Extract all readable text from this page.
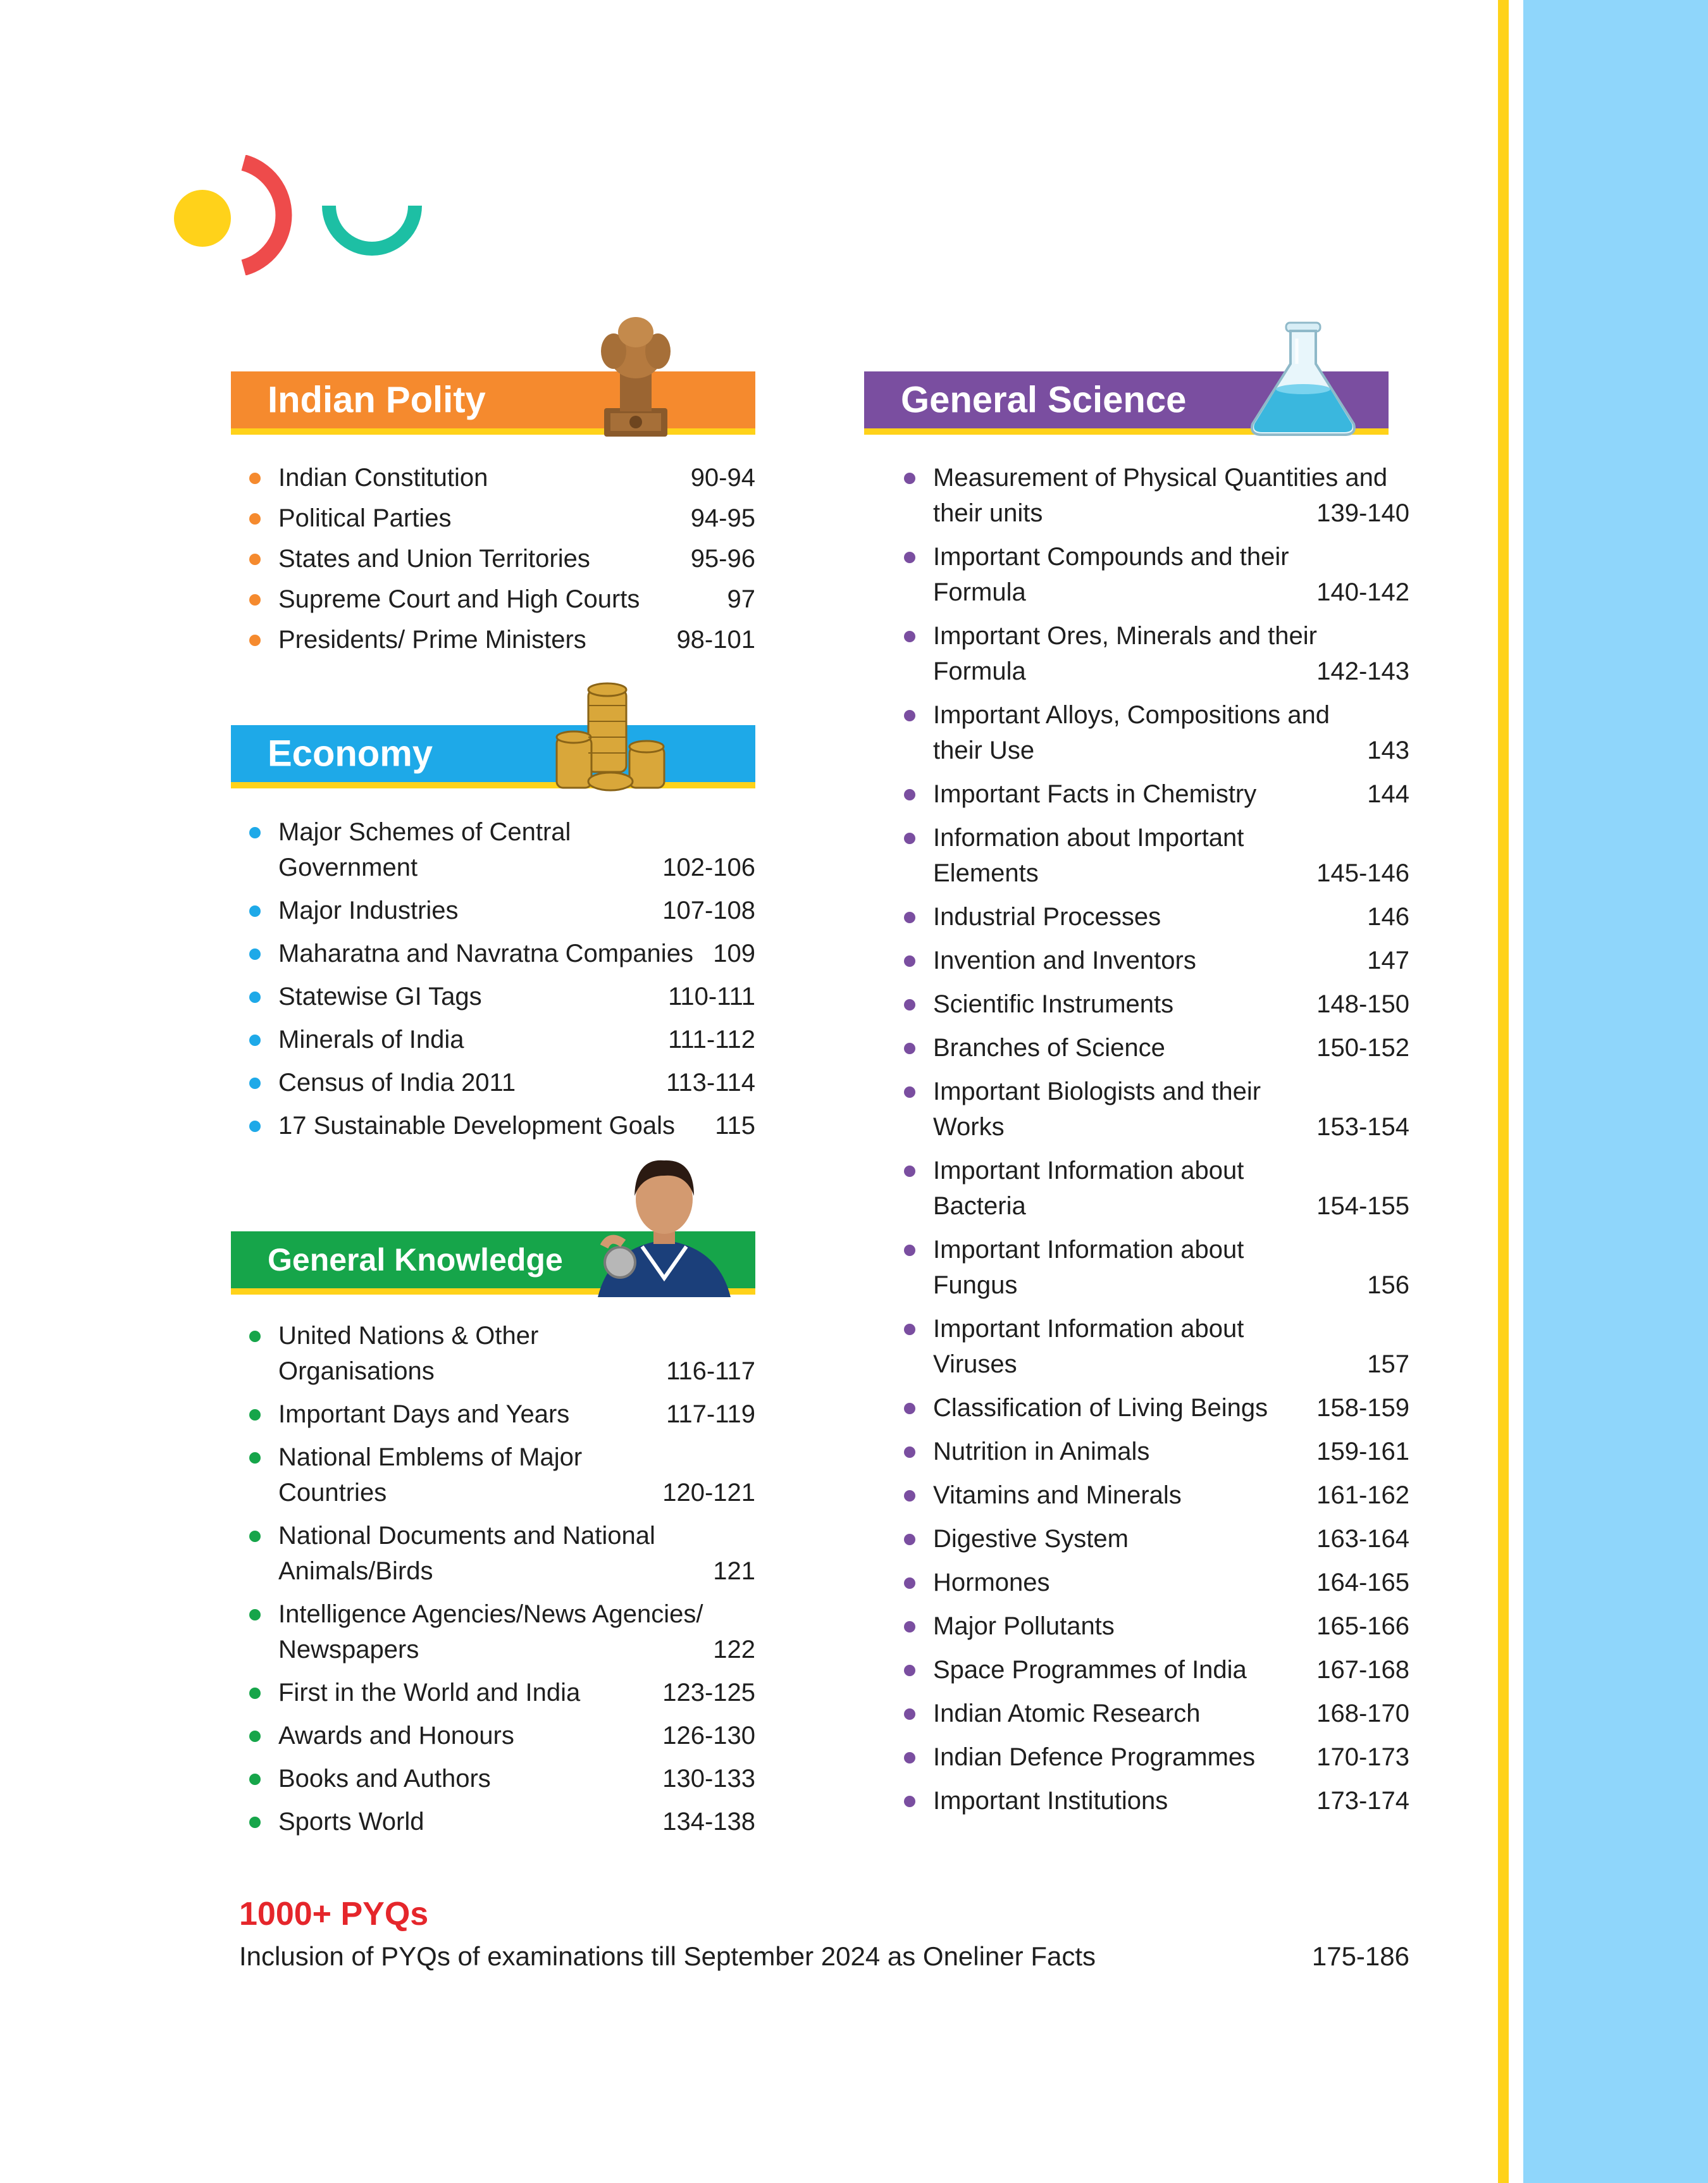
Indian Polity
Indian Constitution	90-94
Political Parties	94-95
States and Union Territories	95-96
Supreme Court and High Courts	97
Presidents/ Prime Ministers	98-101
Economy
Major Schemes of Central Government	102-106
Major Industries	107-108
Maharatna and Navratna Companies 109
Statewise GI Tags	110-111
Minerals of India	111-112
Census of India 2011	113-114
17 Sustainable Development Goals	115
General Knowledge
United Nations & Other Organisations	116-117
Important Days and Years	117-119
National Emblems of Major Countries	120-121
National Documents and National Animals/Birds	121
Intelligence Agencies/News Agencies/ Newspapers	122
First in the World and India	123-125
Awards and Honours	126-130
Books and Authors	130-133
Sports World	134-138
General Science
Measurement of Physical Quantities and their units	139-140
Important Compounds and their Formula	140-142
Important Ores, Minerals and their Formula	142-143
Important Alloys, Compositions and their Use	143
Important Facts in Chemistry	144
Information about Important Elements	145-146
Industrial Processes	146
Invention and Inventors	147
Scientific Instruments	148-150
Branches of Science	150-152
Important Biologists and their Works	153-154
Important Information about Bacteria	154-155
Important Information about Fungus	156
Important Information about Viruses	157
Classification of Living Beings	158-159
Nutrition in Animals	159-161
Vitamins and Minerals	161-162
Digestive System	163-164
Hormones	164-165
Major Pollutants	165-166
Space Programmes of India	167-168
Indian Atomic Research	168-170
Indian Defence Programmes	170-173
Important Institutions	173-174
1000+ PYQs
Inclusion of PYQs of examinations till September 2024 as Oneliner Facts	175-186
